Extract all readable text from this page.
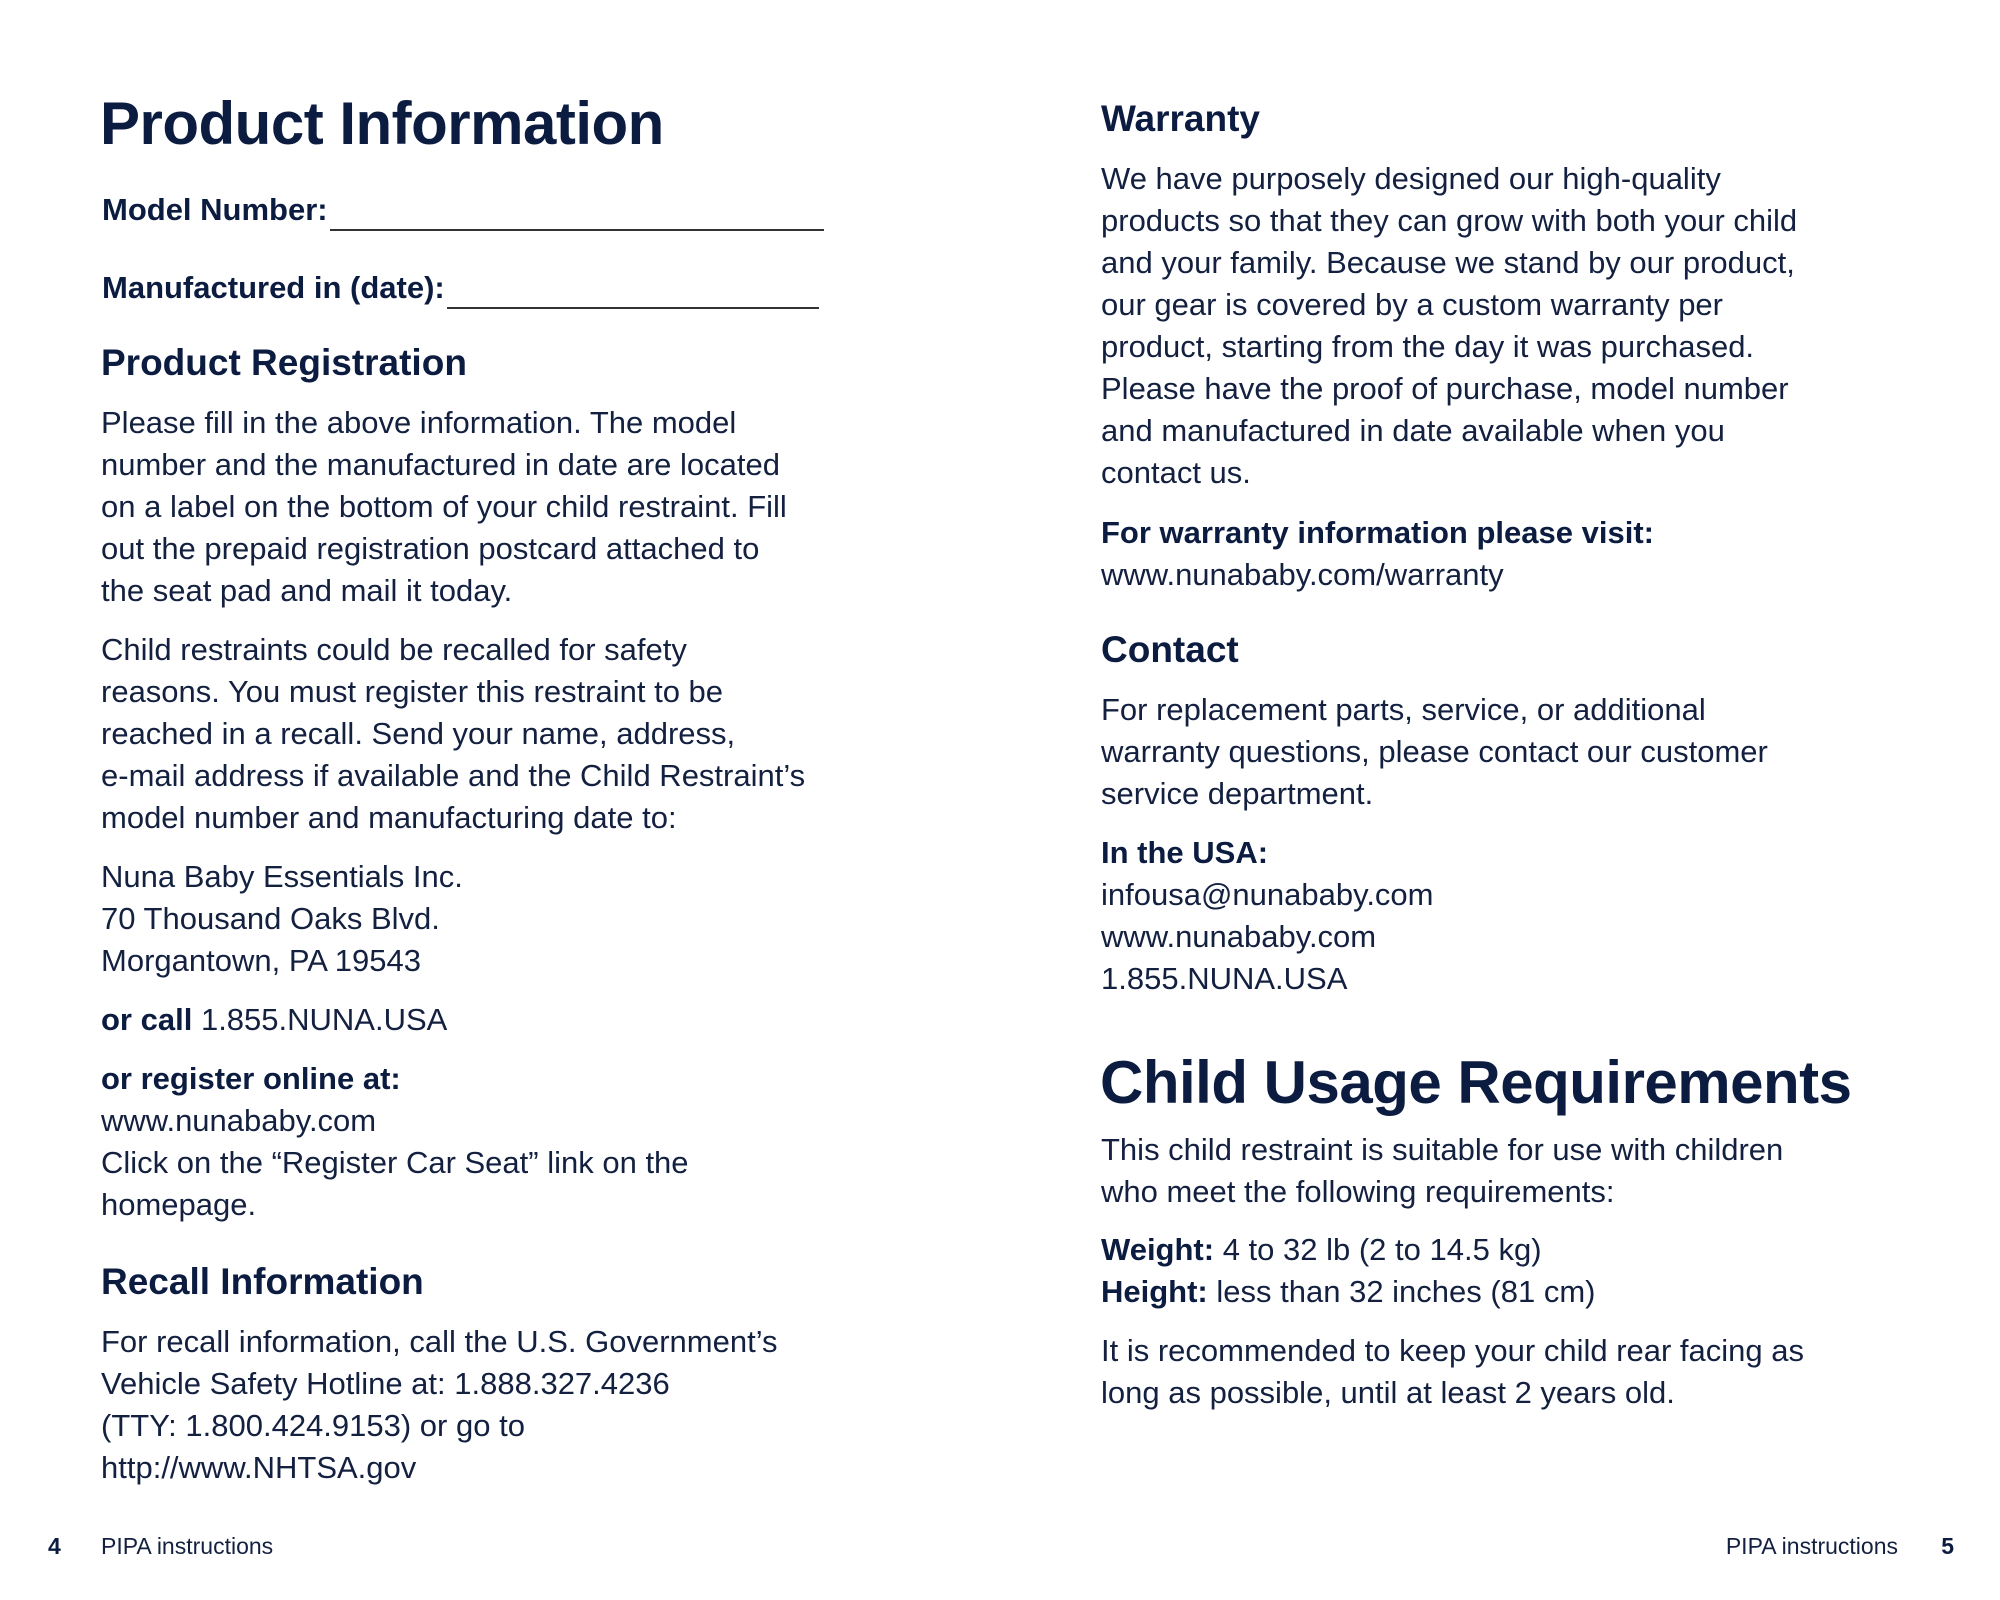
Product Information
Model Number:
Manufactured in (date):
Product Registration
Please fill in the above information. The model
number and the manufactured in date are located
on a label on the bottom of your child restraint. Fill
out the prepaid registration postcard attached to
the seat pad and mail it today.
Child restraints could be recalled for safety
reasons. You must register this restraint to be
reached in a recall. Send your name, address,
e-mail address if available and the Child Restraint’s
model number and manufacturing date to:
Nuna Baby Essentials Inc.
70 Thousand Oaks Blvd.
Morgantown, PA 19543
or call 1.855.NUNA.USA
or register online at:
www.nunababy.com
Click on the “Register Car Seat” link on the
homepage.
Recall Information
For recall information, call the U.S. Government’s
Vehicle Safety Hotline at: 1.888.327.4236
(TTY: 1.800.424.9153) or go to
http://www.NHTSA.gov
Warranty
We have purposely designed our high-quality
products so that they can grow with both your child
and your family. Because we stand by our product,
our gear is covered by a custom warranty per
product, starting from the day it was purchased.
Please have the proof of purchase, model number
and manufactured in date available when you
contact us.
For warranty information please visit:
www.nunababy.com/warranty
Contact
For replacement parts, service, or additional
warranty questions, please contact our customer
service department.
In the USA:
infousa@nunababy.com
www.nunababy.com
1.855.NUNA.USA
Child Usage Requirements
This child restraint is suitable for use with children
who meet the following requirements:
Weight: 4 to 32 lb (2 to 14.5 kg)
Height: less than 32 inches (81 cm)
It is recommended to keep your child rear facing as
long as possible, until at least 2 years old.
4 PIPA instructions	PIPA instructions 5
